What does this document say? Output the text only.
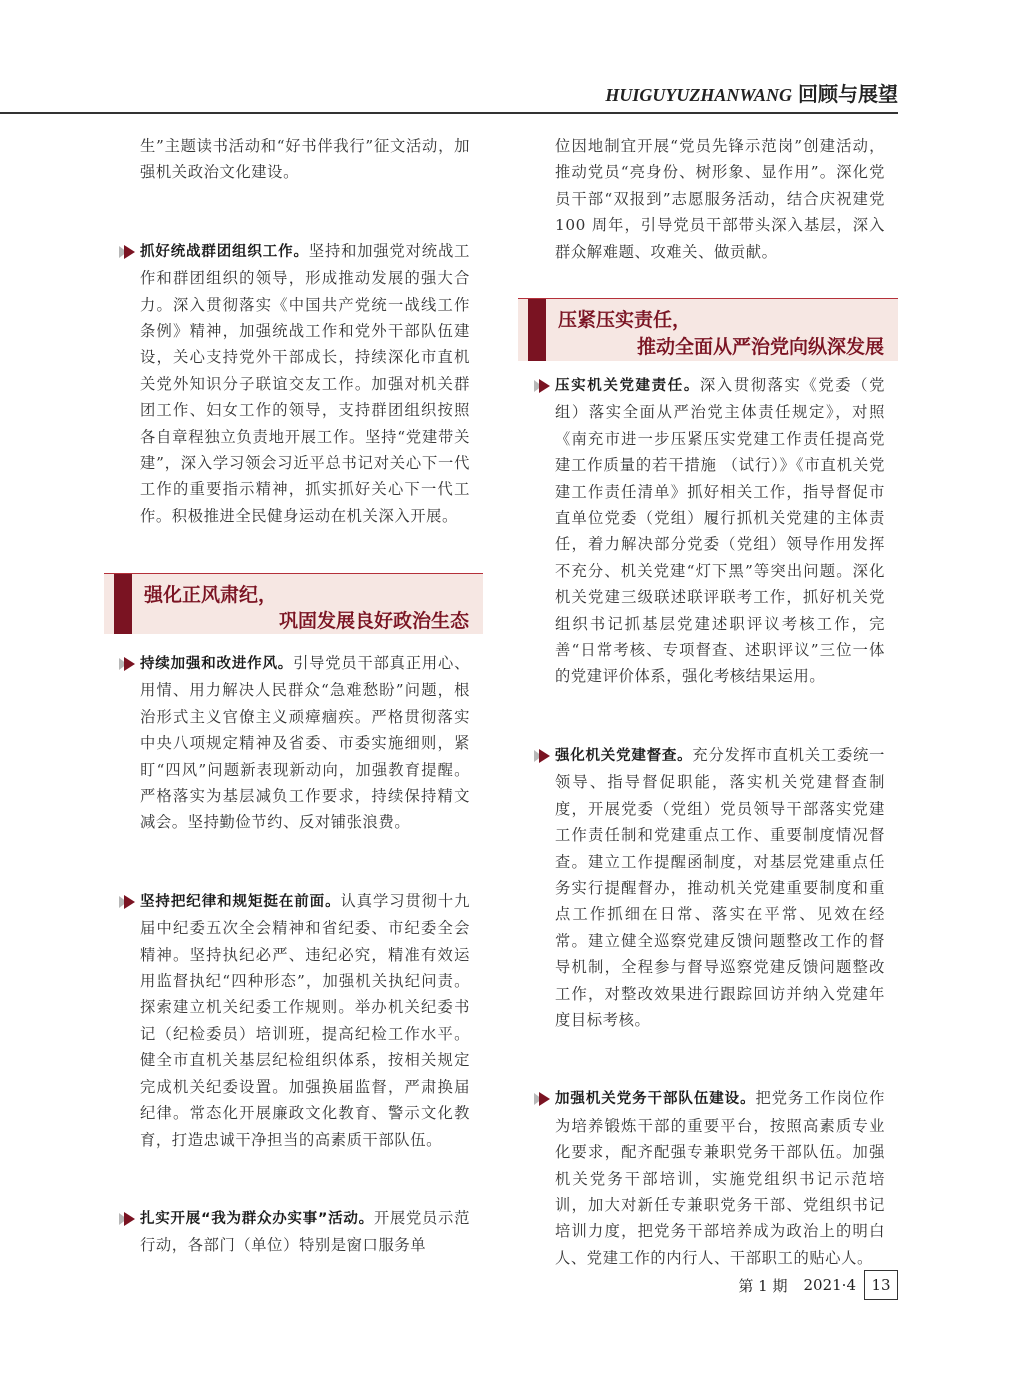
HUIGUYUZHANWANG 回顾与展望

生”主题读书活动和“好书伴我行”征文活动，加强机关政治文化建设。

抓好统战群团组织工作。坚持和加强党对统战工作和群团组织的领导，形成推动发展的强大合力。深入贯彻落实《中国共产党统一战线工作条例》精神，加强统战工作和党外干部队伍建设，关心支持党外干部成长，持续深化市直机关党外知识分子联谊交友工作。加强对机关群团工作、妇女工作的领导，支持群团组织按照各自章程独立负责地开展工作。坚持“党建带关建”，深入学习领会习近平总书记对关心下一代工作的重要指示精神，抓实抓好关心下一代工作。积极推进全民健身运动在机关深入开展。

强化正风肃纪，
巩固发展良好政治生态

持续加强和改进作风。引导党员干部真正用心、用情、用力解决人民群众“急难愁盼”问题，根治形式主义官僚主义顽瘴痼疾。严格贯彻落实中央八项规定精神及省委、市委实施细则，紧盯“四风”问题新表现新动向，加强教育提醒。严格落实为基层减负工作要求，持续保持精文减会。坚持勤俭节约、反对铺张浪费。

坚持把纪律和规矩挺在前面。认真学习贯彻十九届中纪委五次全会精神和省纪委、市纪委全会精神。坚持执纪必严、违纪必究，精准有效运用监督执纪“四种形态”，加强机关执纪问责。探索建立机关纪委工作规则。举办机关纪委书记（纪检委员）培训班，提高纪检工作水平。健全市直机关基层纪检组织体系，按相关规定完成机关纪委设置。加强换届监督，严肃换届纪律。常态化开展廉政文化教育、警示文化教育，打造忠诚干净担当的高素质干部队伍。

扎实开展“我为群众办实事”活动。开展党员示范行动，各部门（单位）特别是窗口服务单

位因地制宜开展“党员先锋示范岗”创建活动，推动党员“亮身份、树形象、显作用”。深化党员干部“双报到”志愿服务活动，结合庆祝建党 100 周年，引导党员干部带头深入基层，深入群众解难题、攻难关、做贡献。

压紧压实责任，
推动全面从严治党向纵深发展

压实机关党建责任。深入贯彻落实《党委（党组）落实全面从严治党主体责任规定》，对照《南充市进一步压紧压实党建工作责任提高党建工作质量的若干措施 （试行）》《市直机关党建工作责任清单》抓好相关工作，指导督促市直单位党委（党组）履行抓机关党建的主体责任，着力解决部分党委（党组）领导作用发挥不充分、机关党建“灯下黑”等突出问题。深化机关党建三级联述联评联考工作，抓好机关党组织书记抓基层党建述职评议考核工作，完善“日常考核、专项督查、述职评议”三位一体的党建评价体系，强化考核结果运用。

强化机关党建督查。充分发挥市直机关工委统一领导、指导督促职能，落实机关党建督查制度，开展党委（党组）党员领导干部落实党建工作责任制和党建重点工作、重要制度情况督查。建立工作提醒函制度，对基层党建重点任务实行提醒督办，推动机关党建重要制度和重点工作抓细在日常、落实在平常、见效在经常。建立健全巡察党建反馈问题整改工作的督导机制，全程参与督导巡察党建反馈问题整改工作，对整改效果进行跟踪回访并纳入党建年度目标考核。

加强机关党务干部队伍建设。把党务工作岗位作为培养锻炼干部的重要平台，按照高素质专业化要求，配齐配强专兼职党务干部队伍。加强机关党务干部培训，实施党组织书记示范培训，加大对新任专兼职党务干部、党组织书记培训力度，把党务干部培养成为政治上的明白人、党建工作的内行人、干部职工的贴心人。

第 1 期 2021·4	13
